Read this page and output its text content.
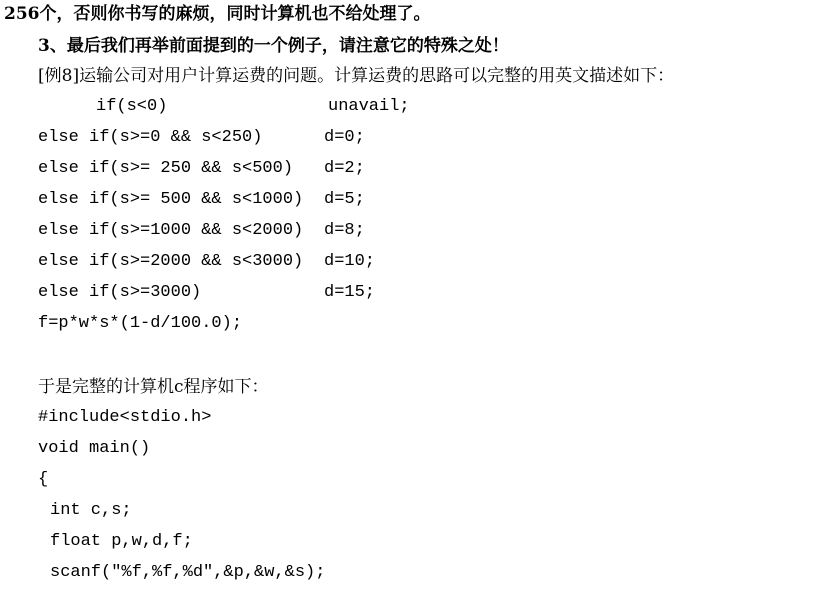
256个，否则你书写的麻烦，同时计算机也不给处理了。
3、最后我们再举前面提到的一个例子，请注意它的特殊之处！
[例8]运输公司对用户计算运费的问题。计算运费的思路可以完整的用英文描述如下：
if(s<0)	unavail;
else if(s>=0 && s<250)	d=0;
else if(s>= 250 && s<500) d=2;
else if(s>= 500 && s<1000) d=5;
else if(s>=1000 && s<2000) d=8;
else if(s>=2000 && s<3000) d=10;
else if(s>=3000)	d=15;
f=p*w*s*(1-d/100.0);
于是完整的计算机c程序如下：
#include<stdio.h>
void main()
{
int c,s;
float p,w,d,f;
scanf("%f,%f,%d",&p,&w,&s);
